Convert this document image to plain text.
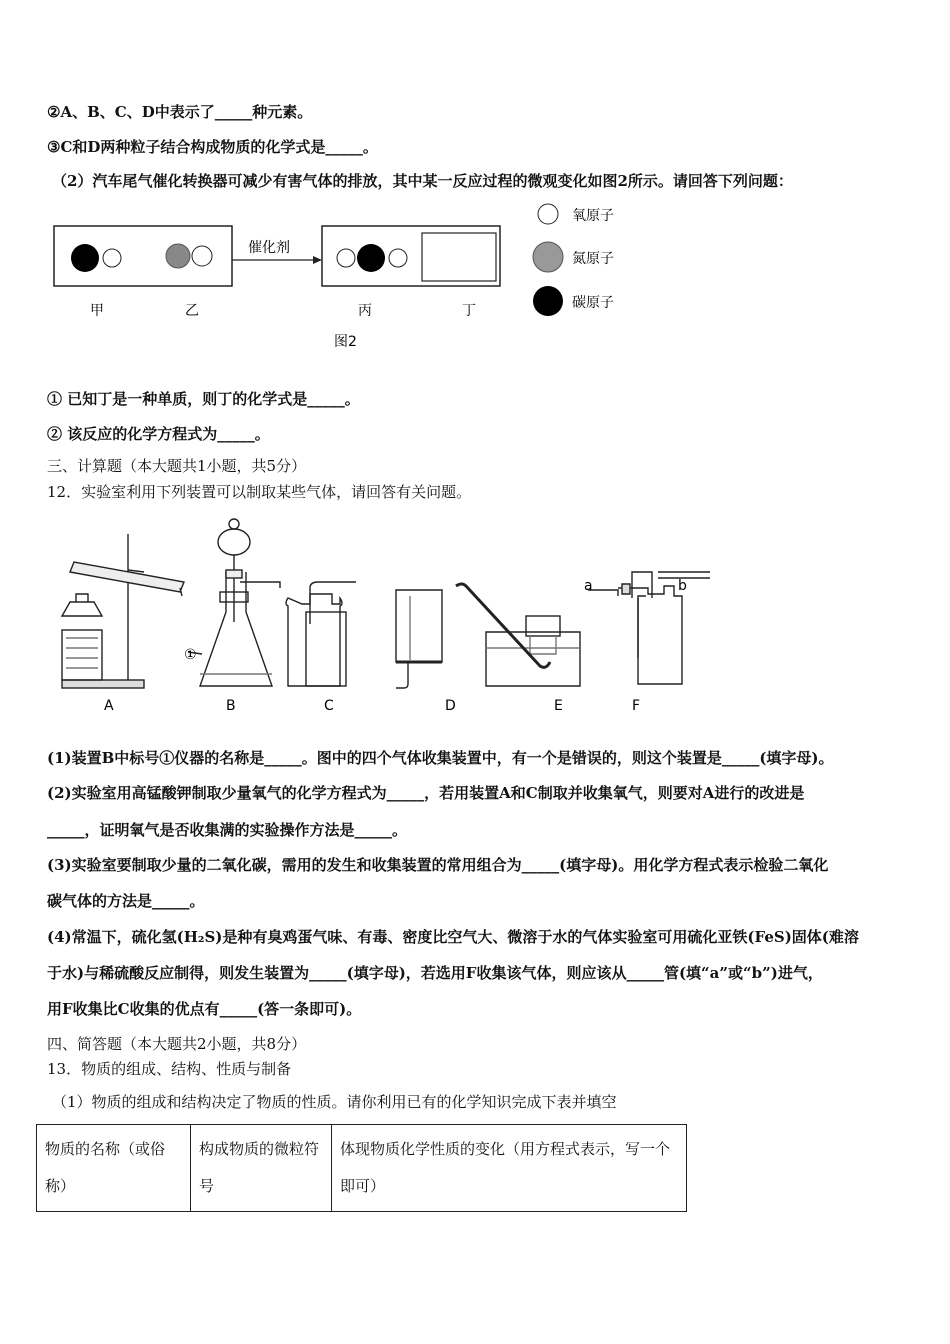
②A、B、C、D中表示了_____种元素。
③C和D两种粒子结合构成物质的化学式是_____。
（2）汽车尾气催化转换器可减少有害气体的排放，其中某一反应过程的微观变化如图2所示。请回答下列问题：
催化剂
甲	乙	丙	丁
图2
氧原子
氮原子
碳原子
① 已知丁是一种单质，则丁的化学式是_____。
② 该反应的化学方程式为_____。
三、计算题（本大题共1小题，共5分）
12．实验室利用下列装置可以制取某些气体，请回答有关问题。
①
a	b
A	B	C	D	E	F
(1)装置B中标号①仪器的名称是_____。图中的四个气体收集装置中，有一个是错误的，则这个装置是_____(填字母)。
(2)实验室用高锰酸钾制取少量氧气的化学方程式为_____，若用装置A和C制取并收集氧气，则要对A进行的改进是
_____，证明氧气是否收集满的实验操作方法是_____。
(3)实验室要制取少量的二氧化碳，需用的发生和收集装置的常用组合为_____(填字母)。用化学方程式表示检验二氧化
碳气体的方法是_____。
(4)常温下，硫化氢(H₂S)是种有臭鸡蛋气味、有毒、密度比空气大、微溶于水的气体实验室可用硫化亚铁(FeS)固体(难溶
于水)与稀硫酸反应制得，则发生装置为_____(填字母)，若选用F收集该气体，则应该从_____管(填“a”或“b”)进气，
用F收集比C收集的优点有_____(答一条即可)。
四、简答题（本大题共2小题，共8分）
13．物质的组成、结构、性质与制备
（1）物质的组成和结构决定了物质的性质。请你利用已有的化学知识完成下表并填空
物质的名称（或俗称）	构成物质的微粒符号	体现物质化学性质的变化（用方程式表示，写一个即可）
